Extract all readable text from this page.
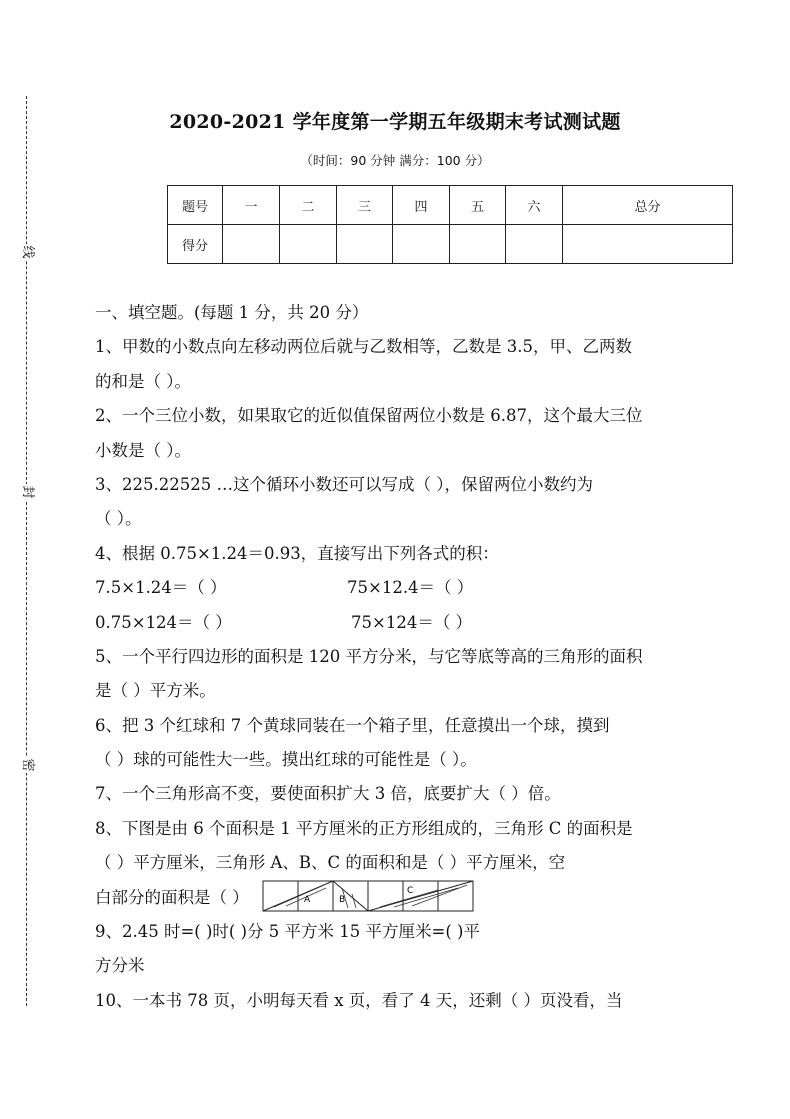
线
封
密
2020-2021 学年度第一学期五年级期末考试测试题
（时间：90 分钟 满分：100 分）
题号	一	二	三	四	五	六	总分
得分							
一、填空题。(每题 1 分，共 20 分）
1、甲数的小数点向左移动两位后就与乙数相等，乙数是 3.5，甲、乙两数
的和是（ ）。
2、一个三位小数，如果取它的近似值保留两位小数是 6.87，这个最大三位
小数是（ ）。
3、225.22525 …这个循环小数还可以写成（ ），保留两位小数约为
（ ）。
4、根据 0.75×1.24＝0.93，直接写出下列各式的积：
7.5×1.24＝（ ）	75×12.4＝（ ）
0.75×124＝（ ）	75×124＝（ ）
5、一个平行四边形的面积是 120 平方分米，与它等底等高的三角形的面积
是（ ）平方米。
6、把 3 个红球和 7 个黄球同装在一个箱子里，任意摸出一个球，摸到
（ ）球的可能性大一些。摸出红球的可能性是（ ）。
7、一个三角形高不变，要使面积扩大 3 倍，底要扩大（ ）倍。
8、下图是由 6 个面积是 1 平方厘米的正方形组成的，三角形 C 的面积是
（ ）平方厘米，三角形 A、B、C 的面积和是（ ）平方厘米，空
白部分的面积是（ ）	A	B
C
9、2.45 时=( )时( )分 5 平方米 15 平方厘米=( )平
方分米
10、一本书 78 页，小明每天看 x 页，看了 4 天，还剩（ ）页没看，当
